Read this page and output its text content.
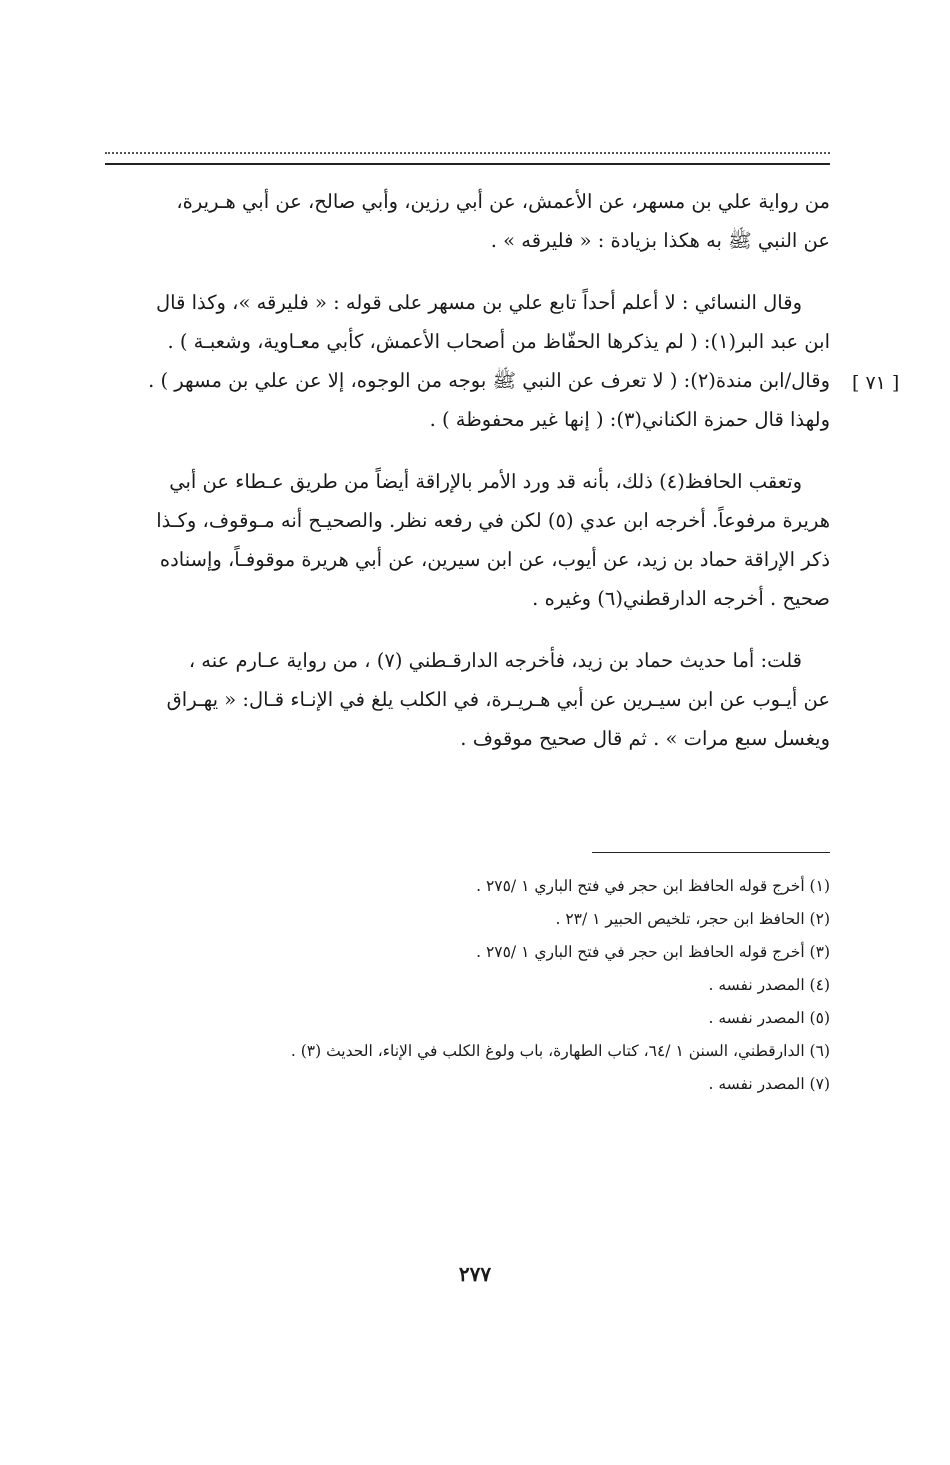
من رواية علي بن مسهر، عن الأعمش، عن أبي رزين، وأبي صالح، عن أبي هـريرة،
عن النبي ﷺ به هكذا بزيادة : « فليرقه » .

وقال النسائي : لا أعلم أحداً تابع علي بن مسهر على قوله : « فليرقه »، وكذا قال
ابن عبد البر(١): ( لم يذكرها الحفّاظ من أصحاب الأعمش، كأبي معـاوية، وشعبـة ) .
وقال/ابن مندة(٢): ( لا تعرف عن النبي ﷺ بوجه من الوجوه، إلا عن علي بن مسهر ) .
ولهذا قال حمزة الكناني(٣): ( إنها غير محفوظة ) .

وتعقب الحافظ(٤) ذلك، بأنه قد ورد الأمر بالإراقة أيضاً من طريق عـطاء عن أبي
هريرة مرفوعاً. أخرجه ابن عدي (٥) لكن في رفعه نظر. والصحيـح أنه مـوقوف، وكـذا
ذكر الإراقة حماد بن زيد، عن أيوب، عن ابن سيرين، عن أبي هريرة موقوفـاً، وإسناده
صحيح . أخرجه الدارقطني(٦) وغيره .

قلت: أما حديث حماد بن زيد، فأخرجه الدارقـطني (٧) ، من رواية عـارم عنه ،
عن أيـوب عن ابن سيـرين عن أبي هـريـرة، في الكلب يلغ في الإنـاء قـال: « يهـراق
ويغسل سبع مرات » . ثم قال صحيح موقوف .

[ ٧١ ]
(١) أخرج قوله الحافظ ابن حجر في فتح الباري ١ /٢٧٥ .
(٢) الحافظ ابن حجر، تلخيص الحبير ١ /٢٣ .
(٣) أخرج قوله الحافظ ابن حجر في فتح الباري ١ /٢٧٥ .
(٤) المصدر نفسه .
(٥) المصدر نفسه .
(٦) الدارقطني، السنن ١ /٦٤، كتاب الطهارة، باب ولوغ الكلب في الإناء، الحديث (٣) .
(٧) المصدر نفسه .
٢٧٧
